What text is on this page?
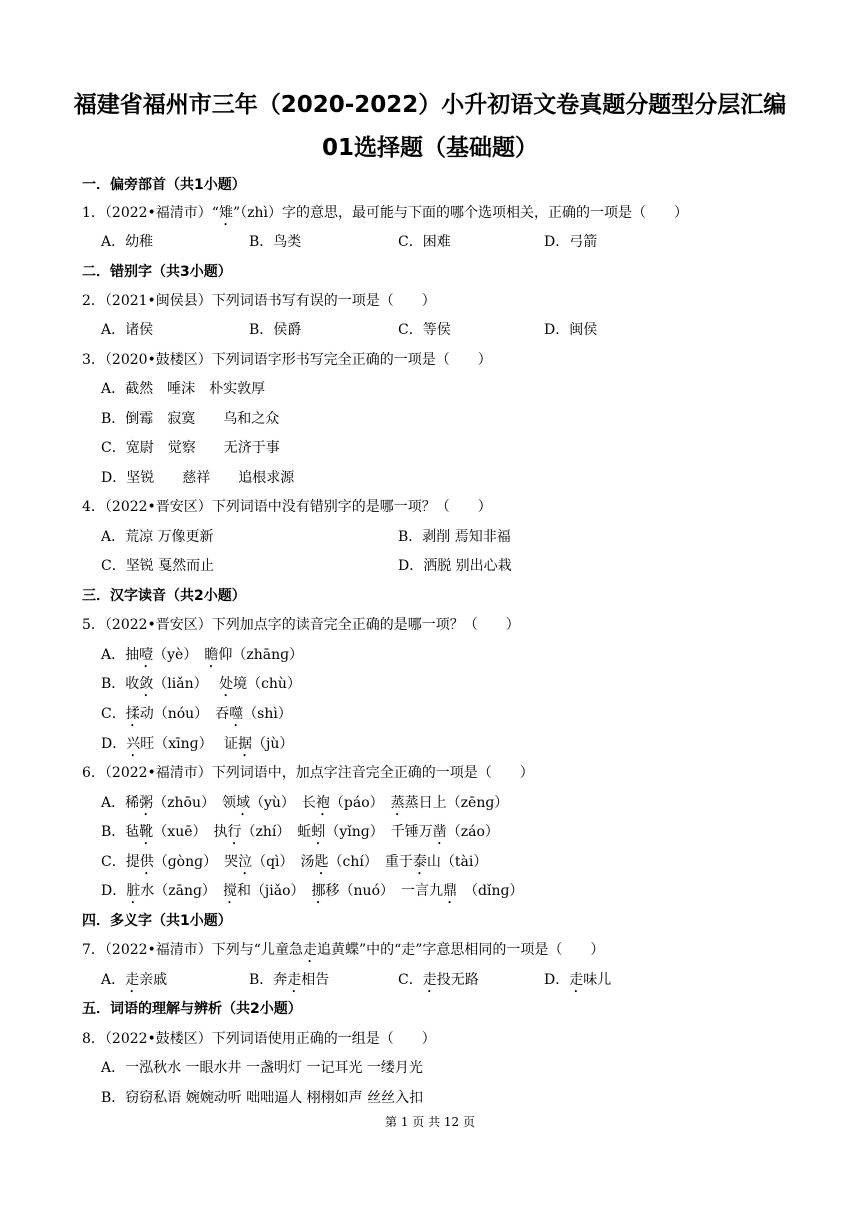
福建省福州市三年（2020-2022）小升初语文卷真题分题型分层汇编
01选择题（基础题）
一．偏旁部首（共1小题）
1．（2022•福清市）“雉”（zhì）字的意思，最可能与下面的哪个选项相关，正确的一项是（　　）
A．幼稚	B．鸟类	C．困难	D．弓箭
二．错别字（共3小题）
2．（2021•闽侯县）下列词语书写有误的一项是（　　）
A．诸侯	B．侯爵	C．等侯	D．闽侯
3．（2020•鼓楼区）下列词语字形书写完全正确的一项是（　　）
A．截然　唾沫　朴实敦厚
B．倒霉　寂寞　　乌和之众
C．宽尉　觉察　　无济于事
D．坚锐　　慈祥　　追根求源
4．（2022•晋安区）下列词语中没有错别字的是哪一项？（　　）
A．荒凉 万像更新	B．剥削 焉知非福
C．坚锐 戛然而止	D．洒脱 别出心栽
三．汉字读音（共2小题）
5．（2022•晋安区）下列加点字的读音完全正确的是哪一项？（　　）
A．抽噎（yè）　瞻仰（zhānɡ）
B．收敛（liǎn）　 处境（chù）
C．揉动（nóu）　吞噬（shì）
D．兴旺（xīnɡ）　 证据（jù）
6．（2022•福清市）下列词语中，加点字注音完全正确的一项是（　　）
A．稀粥（zhōu）　领域（yù）　长袍（páo）　蒸蒸日上（zēnɡ）
B．毡靴（xuē）　执行（zhí）　蚯蚓（yǐnɡ）　千锤万凿（záo）
C．提供（ɡònɡ）　哭泣（qì）　汤匙（chí）　重于泰山（tài）
D．脏水（zānɡ）　搅和（jiǎo）　挪移（nuó）　一言九鼎　（dǐnɡ）
四．多义字（共1小题）
7．（2022•福清市）下列与“儿童急走追黄蝶”中的“走”字意思相同的一项是（　　）
A．走亲戚	B．奔走相告	C．走投无路	D．走味儿
五．词语的理解与辨析（共2小题）
8．（2022•鼓楼区）下列词语使用正确的一组是（　　）
A．一泓秋水 一眼水井 一盏明灯 一记耳光 一缕月光
B．窃窃私语 婉婉动听 咄咄逼人 栩栩如声 丝丝入扣
第 1 页 共 12 页
